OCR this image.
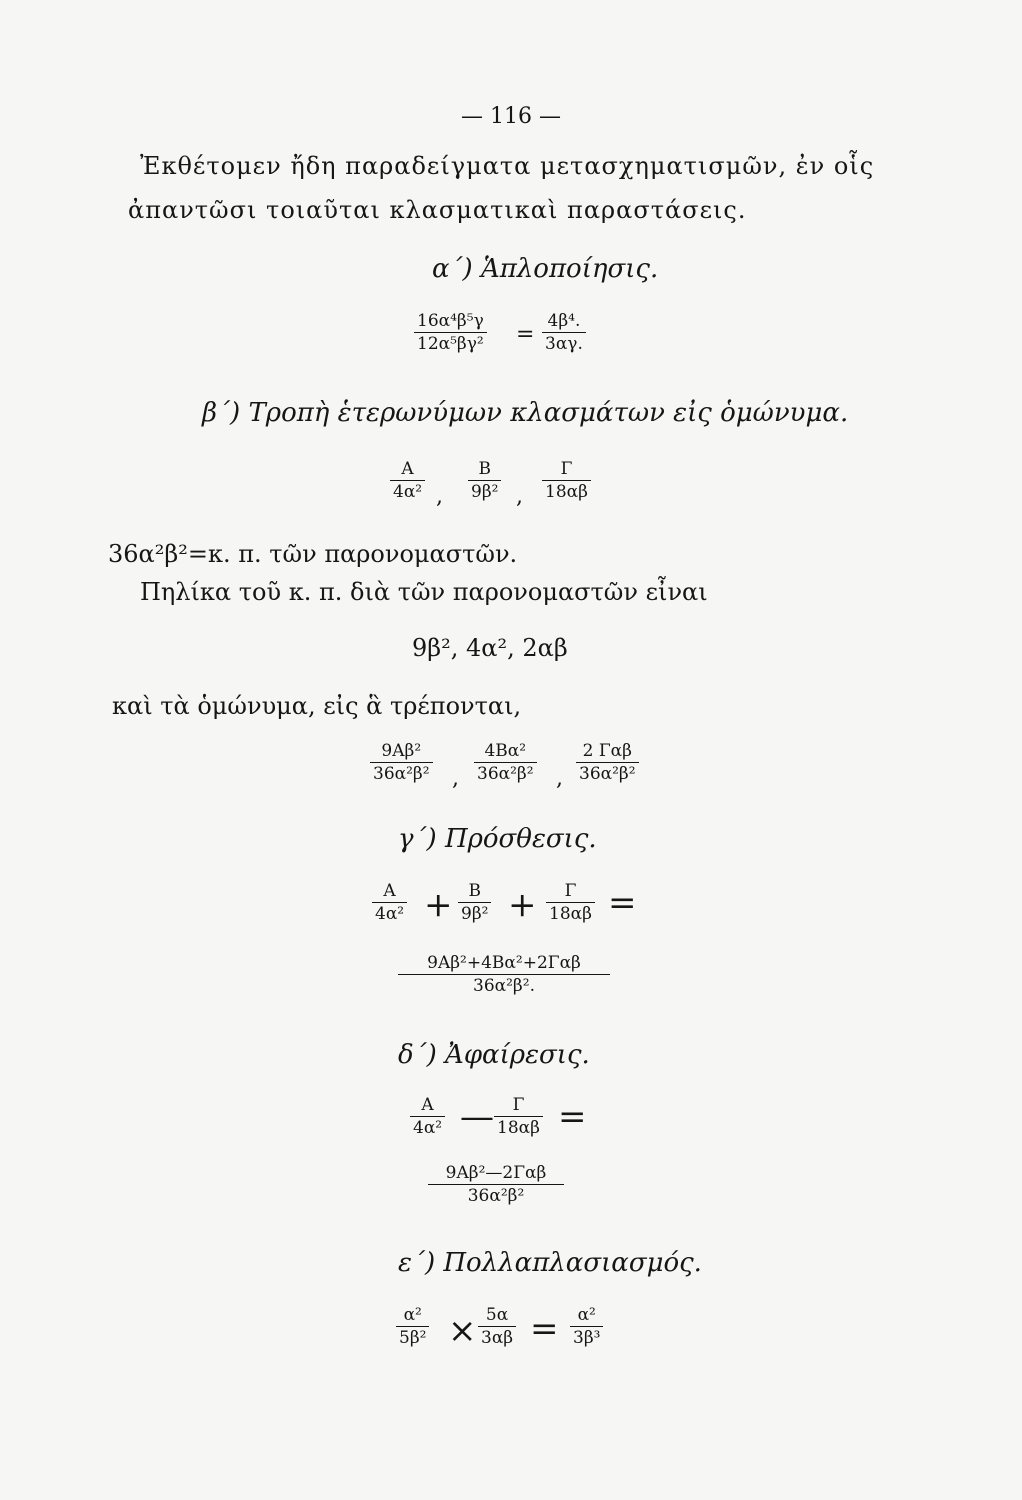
— 116 —
Ἐκθέτομεν ἤδη παραδείγματα μετασχηματισμῶν, ἐν οἷς
ἀπαντῶσι τοιαῦται κλασματικαὶ παραστάσεις.
α΄) Ἁπλοποίησις.
16α⁴β⁵γ
12α⁵βγ² =
4β⁴.
3αγ.
β΄) Τροπὴ ἑτερωνύμων κλασμάτων εἰς ὁμώνυμα.
Α
4α² ,
Β
9β² ,
Γ
18αβ
36α²β²=κ. π. τῶν παρονομαστῶν.
Πηλίκα τοῦ κ. π. διὰ τῶν παρονομαστῶν εἶναι
9β², 4α², 2αβ
καὶ τὰ ὁμώνυμα, εἰς ἃ τρέπονται,
9Αβ²
36α²β² ,
4Βα²
36α²β² ,
2 Γαβ
36α²β²
γ΄) Πρόσθεσις.
Α
4α² + Β
9β² + Γ
18αβ =
9Αβ²+4Βα²+2Γαβ
36α²β².
δ΄) Ἀφαίρεσις.
Α
4α² — Γ
18αβ =
9Αβ²—2Γαβ
36α²β²
ε΄) Πολλαπλασιασμός.
α²
5β² × 5α
3αβ = α²
3β³
